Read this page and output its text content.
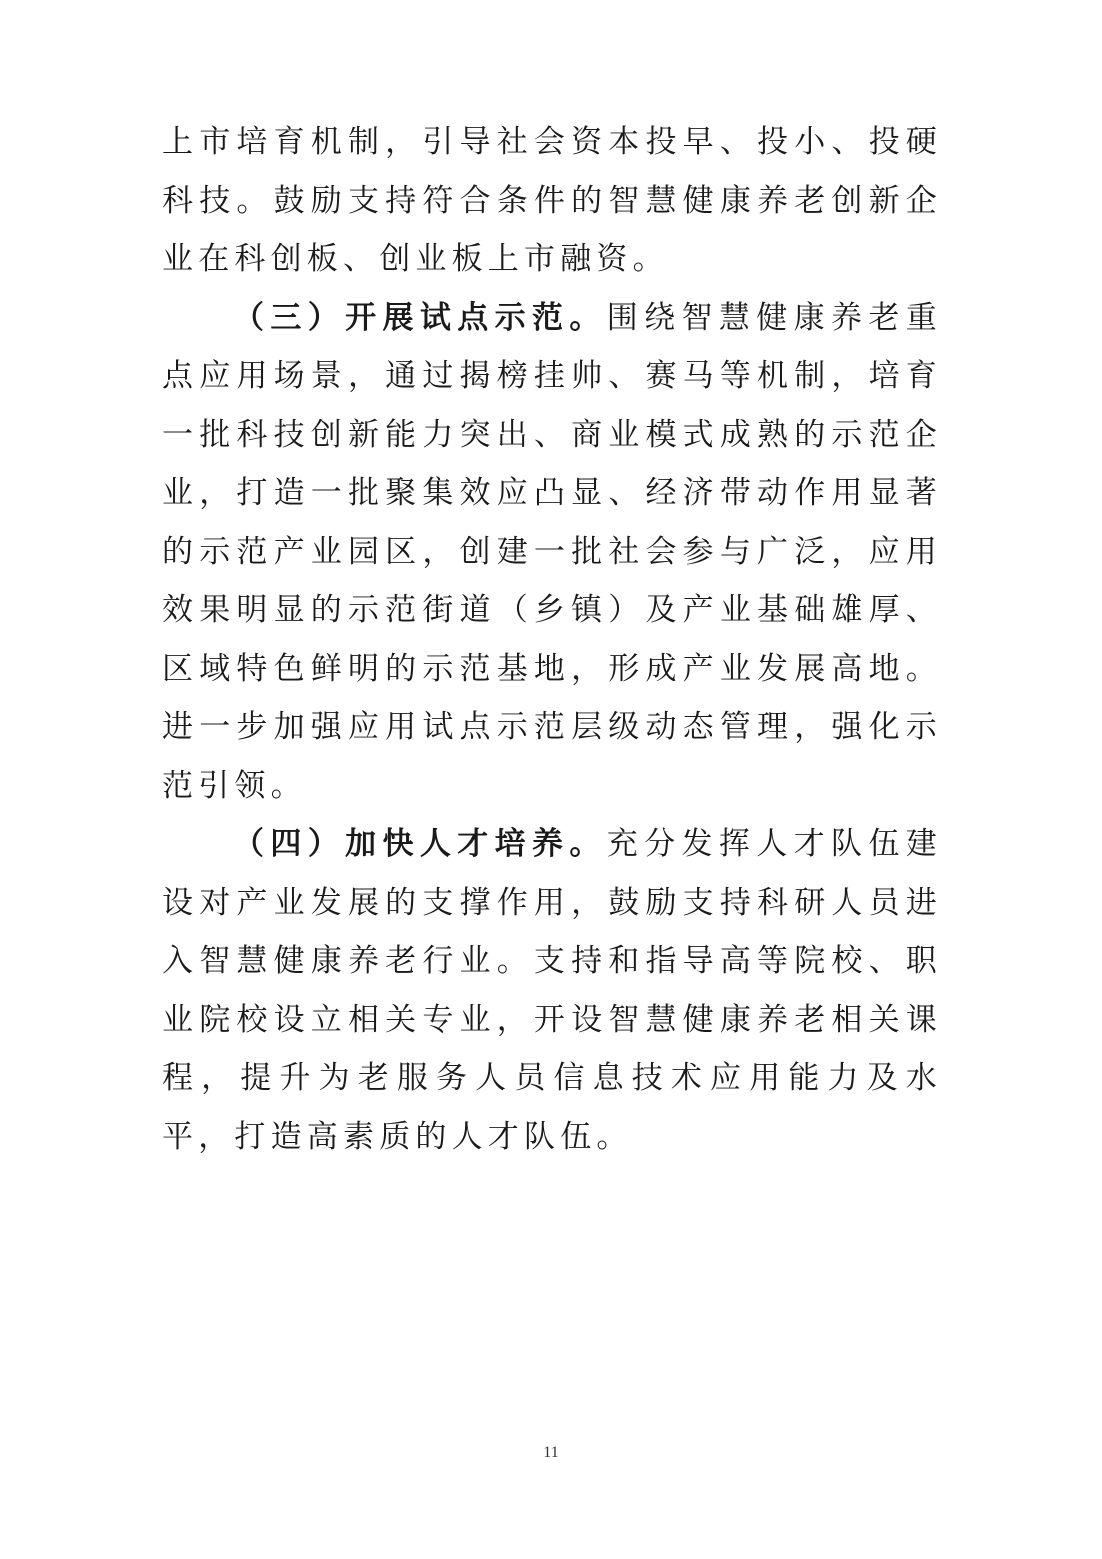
上市培育机制，引导社会资本投早、投小、投硬科技。鼓励支持符合条件的智慧健康养老创新企业在科创板、创业板上市融资。

（三）开展试点示范。围绕智慧健康养老重点应用场景，通过揭榜挂帅、赛马等机制，培育一批科技创新能力突出、商业模式成熟的示范企业，打造一批聚集效应凸显、经济带动作用显著的示范产业园区，创建一批社会参与广泛，应用效果明显的示范街道（乡镇）及产业基础雄厚、区域特色鲜明的示范基地，形成产业发展高地。进一步加强应用试点示范层级动态管理，强化示范引领。

（四）加快人才培养。充分发挥人才队伍建设对产业发展的支撑作用，鼓励支持科研人员进入智慧健康养老行业。支持和指导高等院校、职业院校设立相关专业，开设智慧健康养老相关课程，提升为老服务人员信息技术应用能力及水平，打造高素质的人才队伍。

11
